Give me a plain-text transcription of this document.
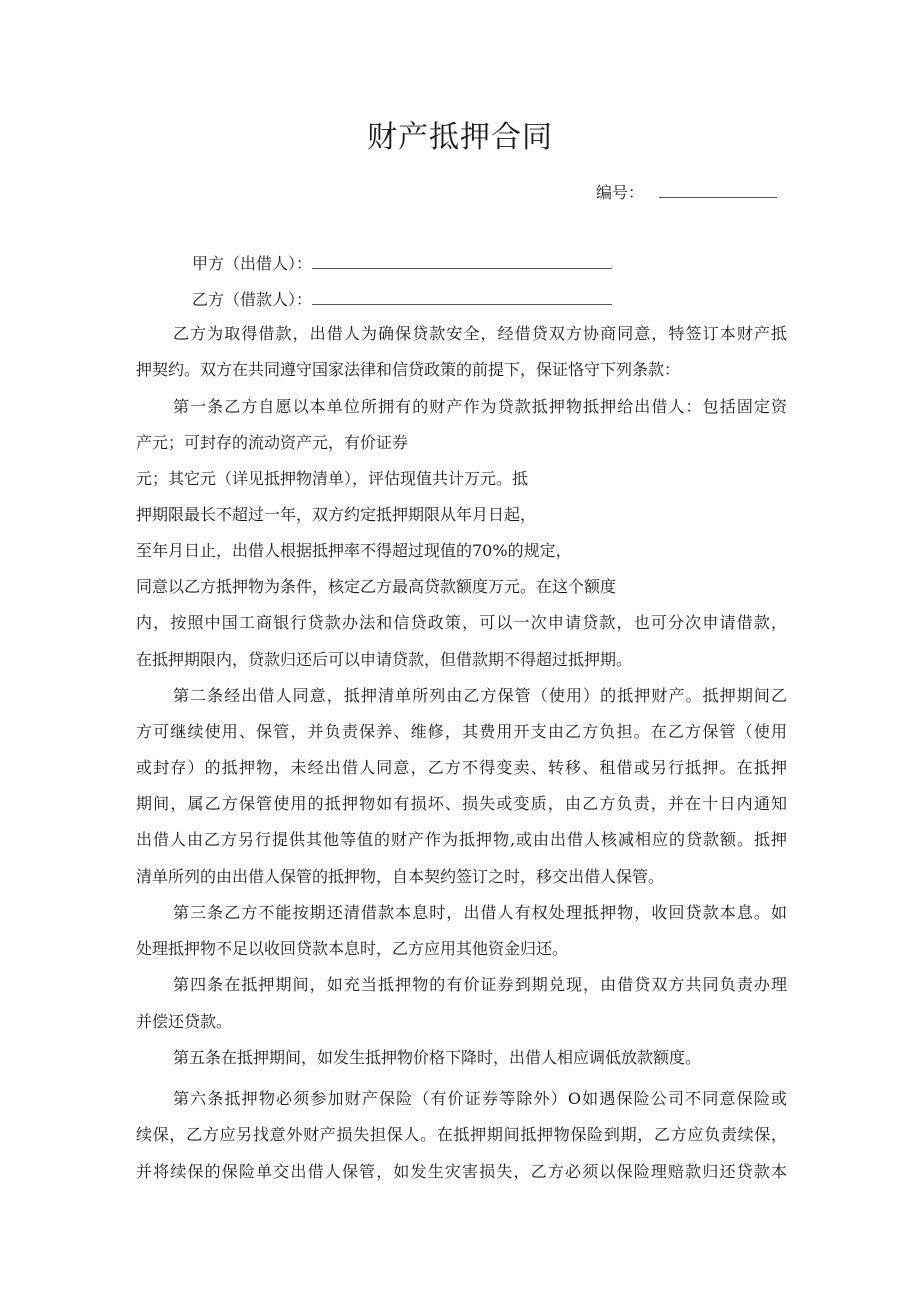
财产抵押合同
编号：
甲方（出借人）：
乙方（借款人）：
乙方为取得借款，出借人为确保贷款安全，经借贷双方协商同意，特签订本财产抵
押契约。双方在共同遵守国家法律和信贷政策的前提下，保证恪守下列条款：
第一条乙方自愿以本单位所拥有的财产作为贷款抵押物抵押给出借人：包括固定资
产元；可封存的流动资产元，有价证券
元；其它元（详见抵押物清单），评估现值共计万元。抵
押期限最长不超过一年，双方约定抵押期限从年月日起，
至年月日止，出借人根据抵押率不得超过现值的70%的规定，
同意以乙方抵押物为条件，核定乙方最高贷款额度万元。在这个额度
内，按照中国工商银行贷款办法和信贷政策，可以一次申请贷款，也可分次申请借款，
在抵押期限内，贷款归还后可以申请贷款，但借款期不得超过抵押期。
第二条经出借人同意，抵押清单所列由乙方保管（使用）的抵押财产。抵押期间乙
方可继续使用、保管，并负责保养、维修，其费用开支由乙方负担。在乙方保管（使用
或封存）的抵押物，未经出借人同意，乙方不得变卖、转移、租借或另行抵押。在抵押
期间，属乙方保管使用的抵押物如有损坏、损失或变质，由乙方负责，并在十日内通知
出借人由乙方另行提供其他等值的财产作为抵押物,或由出借人核减相应的贷款额。抵押
清单所列的由出借人保管的抵押物，自本契约签订之时，移交出借人保管。
第三条乙方不能按期还清借款本息时，出借人有权处理抵押物，收回贷款本息。如
处理抵押物不足以收回贷款本息时，乙方应用其他资金归还。
第四条在抵押期间，如充当抵押物的有价证券到期兑现，由借贷双方共同负责办理
并偿还贷款。
第五条在抵押期间，如发生抵押物价格下降时，出借人相应调低放款额度。
第六条抵押物必须参加财产保险（有价证券等除外）O如遇保险公司不同意保险或
续保，乙方应另找意外财产损失担保人。在抵押期间抵押物保险到期，乙方应负责续保，
并将续保的保险单交出借人保管，如发生灾害损失，乙方必须以保险理赔款归还贷款本
